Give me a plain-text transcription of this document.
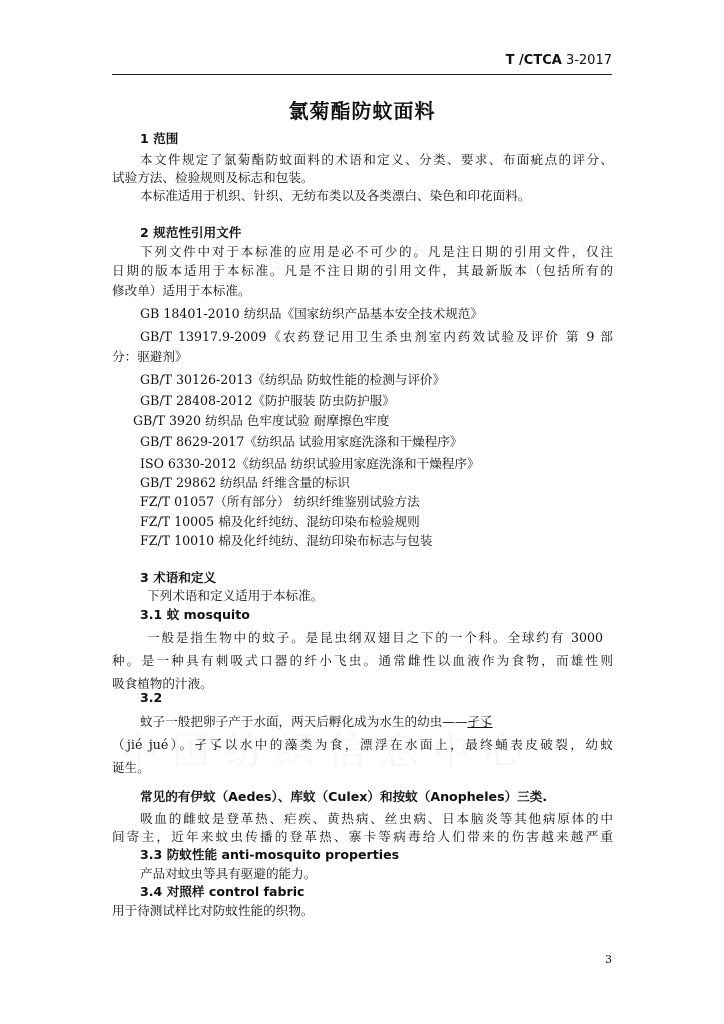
T /CTCA 3-2017
氯菊酯防蚊面料
1 范围
本文件规定了氯菊酯防蚊面料的术语和定义、分类、要求、布面疵点的评分、
试验方法、检验规则及标志和包装。
本标准适用于机织、针织、无纺布类以及各类漂白、染色和印花面料。
2 规范性引用文件
下列文件中对于本标准的应用是必不可少的。凡是注日期的引用文件，仅注
日期的版本适用于本标准。凡是不注日期的引用文件，其最新版本（包括所有的
修改单）适用于本标准。
GB 18401-2010 纺织品《国家纺织产品基本安全技术规范》
GB/T 13917.9-2009《农药登记用卫生杀虫剂室内药效试验及评价 第 9 部
分：驱避剂》
GB/T 30126-2013《纺织品 防蚊性能的检测与评价》
GB/T 28408-2012《防护服装 防虫防护服》
GB/T 3920 纺织品 色牢度试验 耐摩擦色牢度
GB/T 8629-2017《纺织品 试验用家庭洗涤和干燥程序》
ISO 6330-2012《纺织品 纺织试验用家庭洗涤和干燥程序》
GB/T 29862 纺织品 纤维含量的标识
FZ/T 01057（所有部分） 纺织纤维鉴别试验方法
FZ/T 10005 棉及化纤纯纺、混纺印染布检验规则
FZ/T 10010 棉及化纤纯纺、混纺印染布标志与包装
3 术语和定义
下列术语和定义适用于本标准。
3.1 蚊 mosquito
一般是指生物中的蚊子。是昆虫纲双翅目之下的一个科。全球约有 3000
种。是一种具有刺吸式口器的纤小飞虫。通常雌性以血液作为食物，而雄性则
吸食植物的汁液。
3.2
蚊子一般把卵子产于水面，两天后孵化成为水生的幼虫——孑孓
（jié jué）。孑孓以水中的藻类为食，漂浮在水面上，最终蛹表皮破裂，幼蚊
诞生。
常见的有伊蚊（Aedes）、库蚊（Culex）和按蚊（Anopheles）三类.
吸血的雌蚊是登革热、疟疾、黄热病、丝虫病、日本脑炎等其他病原体的中
间寄主，近年来蚊虫传播的登革热、寨卡等病毒给人们带来的伤害越来越严重
3.3 防蚊性能 anti-mosquito properties
产品对蚊虫等具有驱避的能力。
3.4 对照样 control fabric
用于待测试样比对防蚊性能的织物。
3
